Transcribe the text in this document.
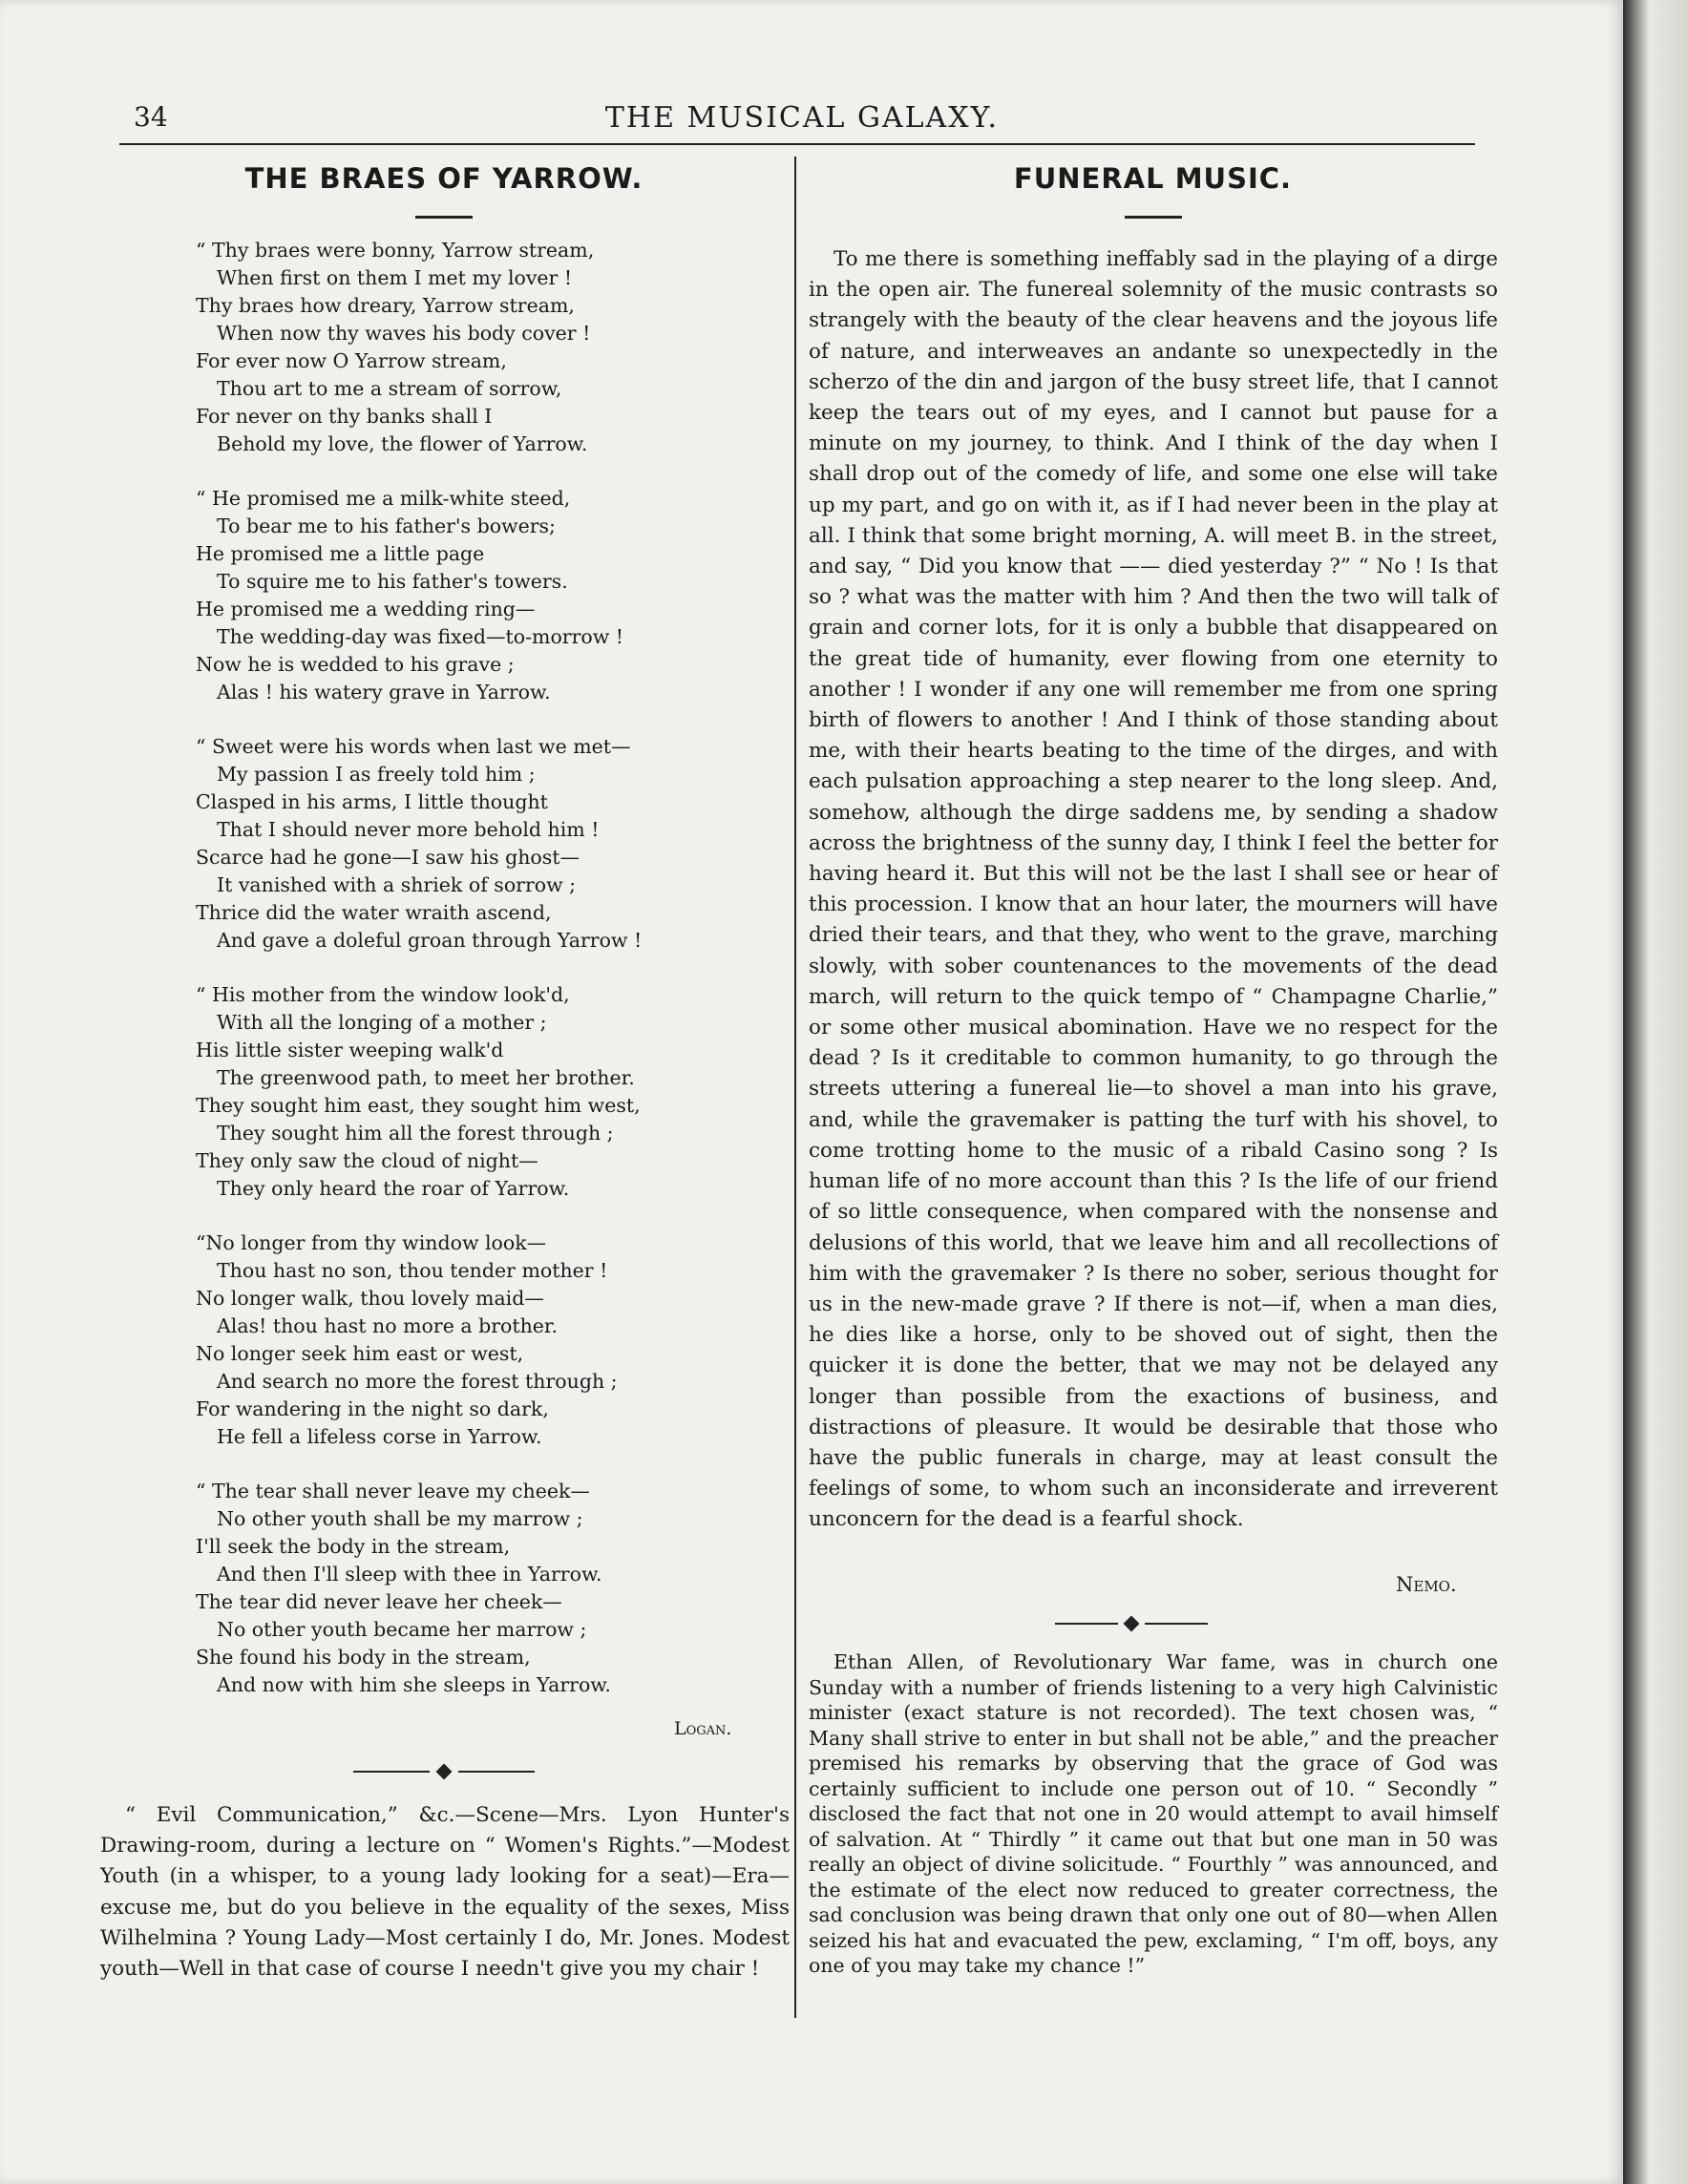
34	THE MUSICAL GALAXY.
THE BRAES OF YARROW.
“ Thy braes were bonny, Yarrow stream,
When first on them I met my lover !
Thy braes how dreary, Yarrow stream,
When now thy waves his body cover !
For ever now O Yarrow stream,
Thou art to me a stream of sorrow,
For never on thy banks shall I
Behold my love, the flower of Yarrow.
“ He promised me a milk-white steed,
To bear me to his father's bowers;
He promised me a little page
To squire me to his father's towers.
He promised me a wedding ring—
The wedding-day was fixed—to-morrow !
Now he is wedded to his grave ;
Alas ! his watery grave in Yarrow.
“ Sweet were his words when last we met—
My passion I as freely told him ;
Clasped in his arms, I little thought
That I should never more behold him !
Scarce had he gone—I saw his ghost—
It vanished with a shriek of sorrow ;
Thrice did the water wraith ascend,
And gave a doleful groan through Yarrow !
“ His mother from the window look'd,
With all the longing of a mother ;
His little sister weeping walk'd
The greenwood path, to meet her brother.
They sought him east, they sought him west,
They sought him all the forest through ;
They only saw the cloud of night—
They only heard the roar of Yarrow.
“No longer from thy window look—
Thou hast no son, thou tender mother !
No longer walk, thou lovely maid—
Alas! thou hast no more a brother.
No longer seek him east or west,
And search no more the forest through ;
For wandering in the night so dark,
He fell a lifeless corse in Yarrow.
“ The tear shall never leave my cheek—
No other youth shall be my marrow ;
I'll seek the body in the stream,
And then I'll sleep with thee in Yarrow.
The tear did never leave her cheek—
No other youth became her marrow ;
She found his body in the stream,
And now with him she sleeps in Yarrow.
Logan.

“ Evil Communication,” &c.—Scene—Mrs. Lyon Hunter's Drawing-room, during a lecture on “ Women's Rights.”—Modest Youth (in a whisper, to a young lady looking for a seat)—Era—excuse me, but do you believe in the equality of the sexes, Miss Wilhelmina ? Young Lady—Most certainly I do, Mr. Jones. Modest youth—Well in that case of course I needn't give you my chair !

FUNERAL MUSIC.

To me there is something ineffably sad in the playing of a dirge in the open air. The funereal solemnity of the music contrasts so strangely with the beauty of the clear heavens and the joyous life of nature, and interweaves an andante so unexpectedly in the scherzo of the din and jargon of the busy street life, that I cannot keep the tears out of my eyes, and I cannot but pause for a minute on my journey, to think. And I think of the day when I shall drop out of the comedy of life, and some one else will take up my part, and go on with it, as if I had never been in the play at all. I think that some bright morning, A. will meet B. in the street, and say, “ Did you know that —— died yesterday ?” “ No ! Is that so ? what was the matter with him ? And then the two will talk of grain and corner lots, for it is only a bubble that disappeared on the great tide of humanity, ever flowing from one eternity to another ! I wonder if any one will remember me from one spring birth of flowers to another ! And I think of those standing about me, with their hearts beating to the time of the dirges, and with each pulsation approaching a step nearer to the long sleep. And, somehow, although the dirge saddens me, by sending a shadow across the brightness of the sunny day, I think I feel the better for having heard it. But this will not be the last I shall see or hear of this procession. I know that an hour later, the mourners will have dried their tears, and that they, who went to the grave, marching slowly, with sober countenances to the movements of the dead march, will return to the quick tempo of “ Champagne Charlie,” or some other musical abomination. Have we no respect for the dead ? Is it creditable to common humanity, to go through the streets uttering a funereal lie—to shovel a man into his grave, and, while the gravemaker is patting the turf with his shovel, to come trotting home to the music of a ribald Casino song ? Is human life of no more account than this ? Is the life of our friend of so little consequence, when compared with the nonsense and delusions of this world, that we leave him and all recollections of him with the gravemaker ? Is there no sober, serious thought for us in the new-made grave ? If there is not—if, when a man dies, he dies like a horse, only to be shoved out of sight, then the quicker it is done the better, that we may not be delayed any longer than possible from the exactions of business, and distractions of pleasure. It would be desirable that those who have the public funerals in charge, may at least consult the feelings of some, to whom such an inconsiderate and irreverent unconcern for the dead is a fearful shock.

Nemo.

Ethan Allen, of Revolutionary War fame, was in church one Sunday with a number of friends listening to a very high Calvinistic minister (exact stature is not recorded). The text chosen was, “ Many shall strive to enter in but shall not be able,” and the preacher premised his remarks by observing that the grace of God was certainly sufficient to include one person out of 10. “ Secondly ” disclosed the fact that not one in 20 would attempt to avail himself of salvation. At “ Thirdly ” it came out that but one man in 50 was really an object of divine solicitude. “ Fourthly ” was announced, and the estimate of the elect now reduced to greater correctness, the sad conclusion was being drawn that only one out of 80—when Allen seized his hat and evacuated the pew, exclaming, “ I'm off, boys, any one of you may take my chance !”
